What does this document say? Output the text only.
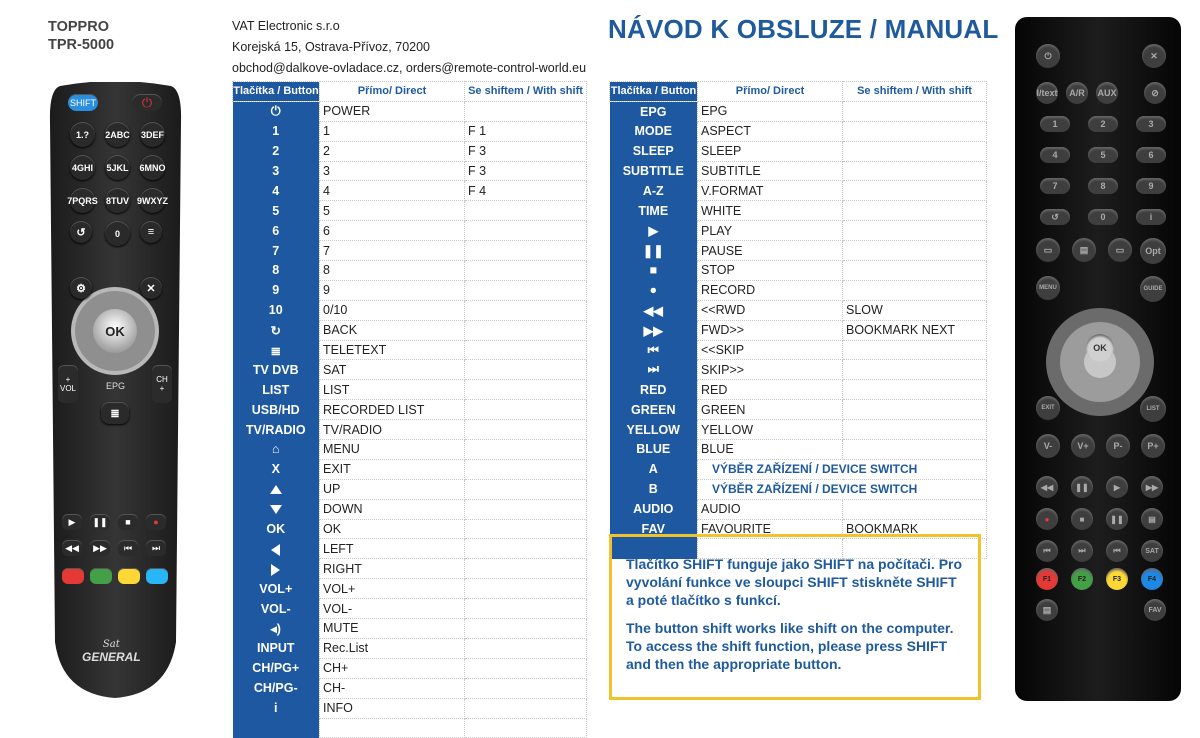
TOPPRO
TPR-5000
VAT Electronic s.r.o
Korejská 15, Ostrava-Přívoz, 70200
obchod@dalkove-ovladace.cz, orders@remote-control-world.eu
NÁVOD K OBSLUZE / MANUAL
Tlačítka / Button	Přímo/ Direct	Se shiftem / With shift
⏻	POWER	
1	1	F 1
2	2	F 3
3	3	F 3
4	4	F 4
5	5	
6	6	
7	7	
8	8	
9	9	
10	0/10	
↻	BACK	
≣	TELETEXT	
TV DVB	SAT	
LIST	LIST	
USB/HD	RECORDED LIST	
TV/RADIO	TV/RADIO	
⌂	MENU	
X	EXIT	
	UP	
	DOWN	
OK	OK	
	LEFT	
	RIGHT	
VOL+	VOL+	
VOL-	VOL-	
◂)	MUTE	
INPUT	Rec.List	
CH/PG+	CH+	
CH/PG-	CH-	
i	INFO	

Tlačítka / Button	Přímo/ Direct	Se shiftem / With shift
EPG	EPG	
MODE	ASPECT	
SLEEP	SLEEP	
SUBTITLE	SUBTITLE	
A-Z	V.FORMAT	
TIME	WHITE	
▶	PLAY	
❚❚	PAUSE	
■	STOP	
●	RECORD	
◀◀	<<RWD	SLOW
▶▶	FWD>>	BOOKMARK NEXT
⏮	<<SKIP	
⏭	SKIP>>	
RED	RED	
GREEN	GREEN	
YELLOW	YELLOW	
BLUE	BLUE	
A	VÝBĚR ZAŘÍZENÍ / DEVICE SWITCH	
B	VÝBĚR ZAŘÍZENÍ / DEVICE SWITCH	
AUDIO	AUDIO	
FAV	FAVOURITE	BOOKMARK

Tlačítko SHIFT funguje jako SHIFT na počítači. Pro vyvolání funkce ve sloupci SHIFT stiskněte SHIFT a poté tlačítko s funkcí.

The button shift works like shift on the computer. To access the shift function, please press SHIFT and then the appropriate button.

SHIFT	⏻
1.?	2ABC 3DEF
4GHI 5JKL 6MNO
7PQRS 8TUV 9WXYZ
0
↺	≡
⚙	✕
▶	❚❚	■	●
◀◀	▶▶	⏮	⏭
OK
EPG
+
VOL
CH
+
≣
Sat
GENERAL
⏻	✕
I/text	A/R	AUX	⊘
1	2	3
4	5	6
7	8	9
0
↺	i
▭	▤	▭	Opt
MENU	GUIDE
OK
EXIT	LIST
V-	V+	P-	P+
◀◀	❚❚	▶	▶▶
●	■	❚❚	▤
⏮	⏭	⏮	SAT
F1	F2	F3	F4
▤	FAV
